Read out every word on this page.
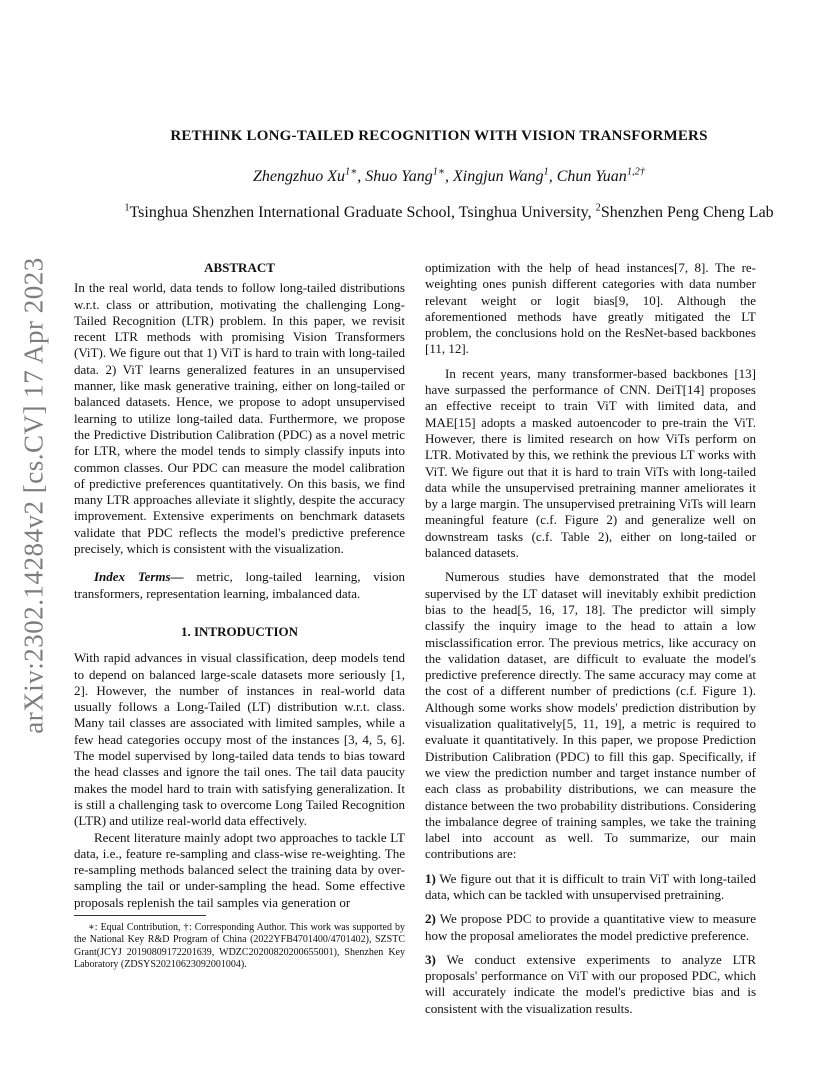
arXiv:2302.14284v2 [cs.CV] 17 Apr 2023
RETHINK LONG-TAILED RECOGNITION WITH VISION TRANSFORMERS
Zhengzhuo $Xu^{1∗}$, Shuo Yang$^{1∗}$, Xingjun Wang$^1$, Chun Yuan$^{1,2\dagger}$
$^1$Tsinghua Shenzhen International Graduate School, Tsinghua University, $^2$Shenzhen Peng Cheng Lab
ABSTRACT

In the real world, data tends to follow long-tailed distributions w.r.t. class or attribution, motivating the challenging Long-Tailed Recognition (LTR) problem. In this paper, we revisit recent LTR methods with promising Vision Transformers (ViT). We figure out that 1) ViT is hard to train with long-tailed data. 2) ViT learns generalized features in an unsupervised manner, like mask generative training, either on long-tailed or balanced datasets. Hence, we propose to adopt unsupervised learning to utilize long-tailed data. Furthermore, we propose the Predictive Distribution Calibration (PDC) as a novel metric for LTR, where the model tends to simply classify inputs into common classes. Our PDC can measure the model calibration of predictive preferences quantitatively. On this basis, we find many LTR approaches alleviate it slightly, despite the accuracy improvement. Extensive experiments on benchmark datasets validate that PDC reflects the model's predictive preference precisely, which is consistent with the visualization.

Index Terms— metric, long-tailed learning, vision transformers, representation learning, imbalanced data.

1. INTRODUCTION

With rapid advances in visual classification, deep models tend to depend on balanced large-scale datasets more seriously [1, 2]. However, the number of instances in real-world data usually follows a Long-Tailed (LT) distribution w.r.t. class. Many tail classes are associated with limited samples, while a few head categories occupy most of the instances [3, 4, 5, 6]. The model supervised by long-tailed data tends to bias toward the head classes and ignore the tail ones. The tail data paucity makes the model hard to train with satisfying generalization. It is still a challenging task to overcome Long Tailed Recognition (LTR) and utilize real-world data effectively.

Recent literature mainly adopt two approaches to tackle LT data, i.e., feature re-sampling and class-wise re-weighting. The re-sampling methods balanced select the training data by over-sampling the tail or under-sampling the head. Some effective proposals replenish the tail samples via generation or

∗: Equal Contribution, †: Corresponding Author. This work was supported by the National Key R&D Program of China (2022YFB4701400/4701402), SZSTC Grant(JCYJ 20190809172201639, WDZC20200820200655001), Shenzhen Key Laboratory (ZDSYS20210623092001004).

optimization with the help of head instances[7, 8]. The re-weighting ones punish different categories with data number relevant weight or logit bias[9, 10]. Although the aforementioned methods have greatly mitigated the LT problem, the conclusions hold on the ResNet-based backbones [11, 12].

In recent years, many transformer-based backbones [13] have surpassed the performance of CNN. DeiT[14] proposes an effective receipt to train ViT with limited data, and MAE[15] adopts a masked autoencoder to pre-train the ViT. However, there is limited research on how ViTs perform on LTR. Motivated by this, we rethink the previous LT works with ViT. We figure out that it is hard to train ViTs with long-tailed data while the unsupervised pretraining manner ameliorates it by a large margin. The unsupervised pretraining ViTs will learn meaningful feature (c.f. Figure 2) and generalize well on downstream tasks (c.f. Table 2), either on long-tailed or balanced datasets.

Numerous studies have demonstrated that the model supervised by the LT dataset will inevitably exhibit prediction bias to the head[5, 16, 17, 18]. The predictor will simply classify the inquiry image to the head to attain a low misclassification error. The previous metrics, like accuracy on the validation dataset, are difficult to evaluate the model's predictive preference directly. The same accuracy may come at the cost of a different number of predictions (c.f. Figure 1). Although some works show models' prediction distribution by visualization qualitatively[5, 11, 19], a metric is required to evaluate it quantitatively. In this paper, we propose Prediction Distribution Calibration (PDC) to fill this gap. Specifically, if we view the prediction number and target instance number of each class as probability distributions, we can measure the distance between the two probability distributions. Considering the imbalance degree of training samples, we take the training label into account as well. To summarize, our main contributions are:

1) We figure out that it is difficult to train ViT with long-tailed data, which can be tackled with unsupervised pretraining.

2) We propose PDC to provide a quantitative view to measure how the proposal ameliorates the model predictive preference.

3) We conduct extensive experiments to analyze LTR proposals' performance on ViT with our proposed PDC, which will accurately indicate the model's predictive bias and is consistent with the visualization results.
